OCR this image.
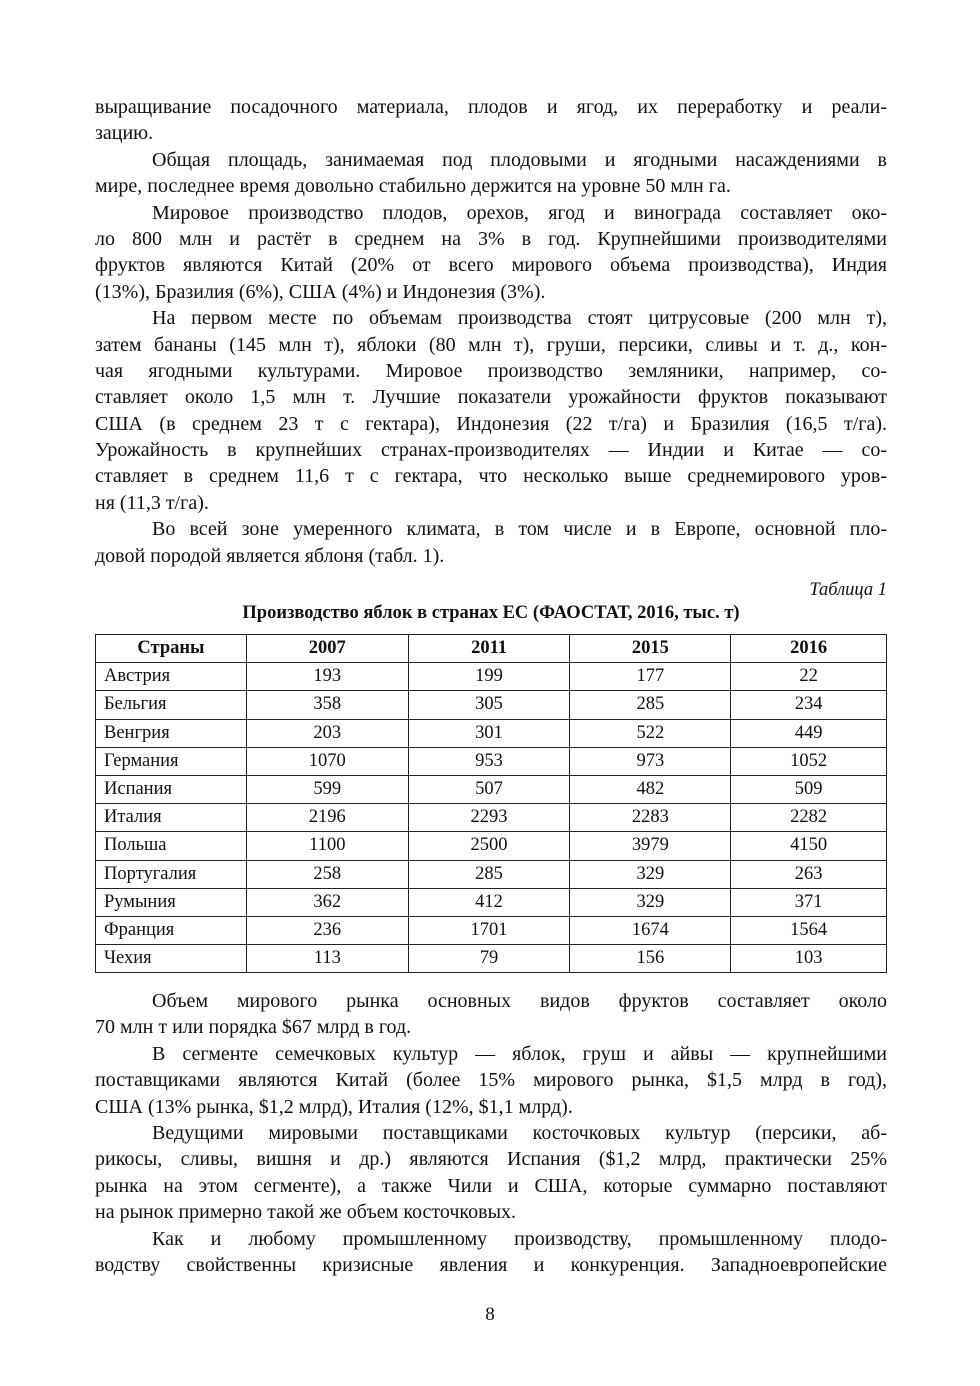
выращивание посадочного материала, плодов и ягод, их переработку и реали-
зацию.
Общая площадь, занимаемая под плодовыми и ягодными насаждениями в
мире, последнее время довольно стабильно держится на уровне 50 млн га.
Мировое производство плодов, орехов, ягод и винограда составляет око-
ло 800 млн и растёт в среднем на 3% в год. Крупнейшими производителями
фруктов являются Китай (20% от всего мирового объема производства), Индия
(13%), Бразилия (6%), США (4%) и Индонезия (3%).
На первом месте по объемам производства стоят цитрусовые (200 млн т),
затем бананы (145 млн т), яблоки (80 млн т), груши, персики, сливы и т. д., кон-
чая ягодными культурами. Мировое производство земляники, например, со-
ставляет около 1,5 млн т. Лучшие показатели урожайности фруктов показывают
США (в среднем 23 т с гектара), Индонезия (22 т/га) и Бразилия (16,5 т/га).
Урожайность в крупнейших странах-производителях — Индии и Китае — со-
ставляет в среднем 11,6 т с гектара, что несколько выше среднемирового уров-
ня (11,3 т/га).
Во всей зоне умеренного климата, в том числе и в Европе, основной пло-
довой породой является яблоня (табл. 1).
Таблица 1
Производство яблок в странах ЕС (ФАОСТАТ, 2016, тыс. т)
Страны	2007	2011	2015	2016
Австрия	193	199	177	22
Бельгия	358	305	285	234
Венгрия	203	301	522	449
Германия	1070	953	973	1052
Испания	599	507	482	509
Италия	2196	2293	2283	2282
Польша	1100	2500	3979	4150
Португалия	258	285	329	263
Румыния	362	412	329	371
Франция	236	1701	1674	1564
Чехия	113	79	156	103
Объем мирового рынка основных видов фруктов составляет около
70 млн т или порядка $67 млрд в год.
В сегменте семечковых культур — яблок, груш и айвы — крупнейшими
поставщиками являются Китай (более 15% мирового рынка, $1,5 млрд в год),
США (13% рынка, $1,2 млрд), Италия (12%, $1,1 млрд).
Ведущими мировыми поставщиками косточковых культур (персики, аб-
рикосы, сливы, вишня и др.) являются Испания ($1,2 млрд, практически 25%
рынка на этом сегменте), а также Чили и США, которые суммарно поставляют
на рынок примерно такой же объем косточковых.
Как и любому промышленному производству, промышленному плодо-
водству свойственны кризисные явления и конкуренция. Западноевропейские
8
